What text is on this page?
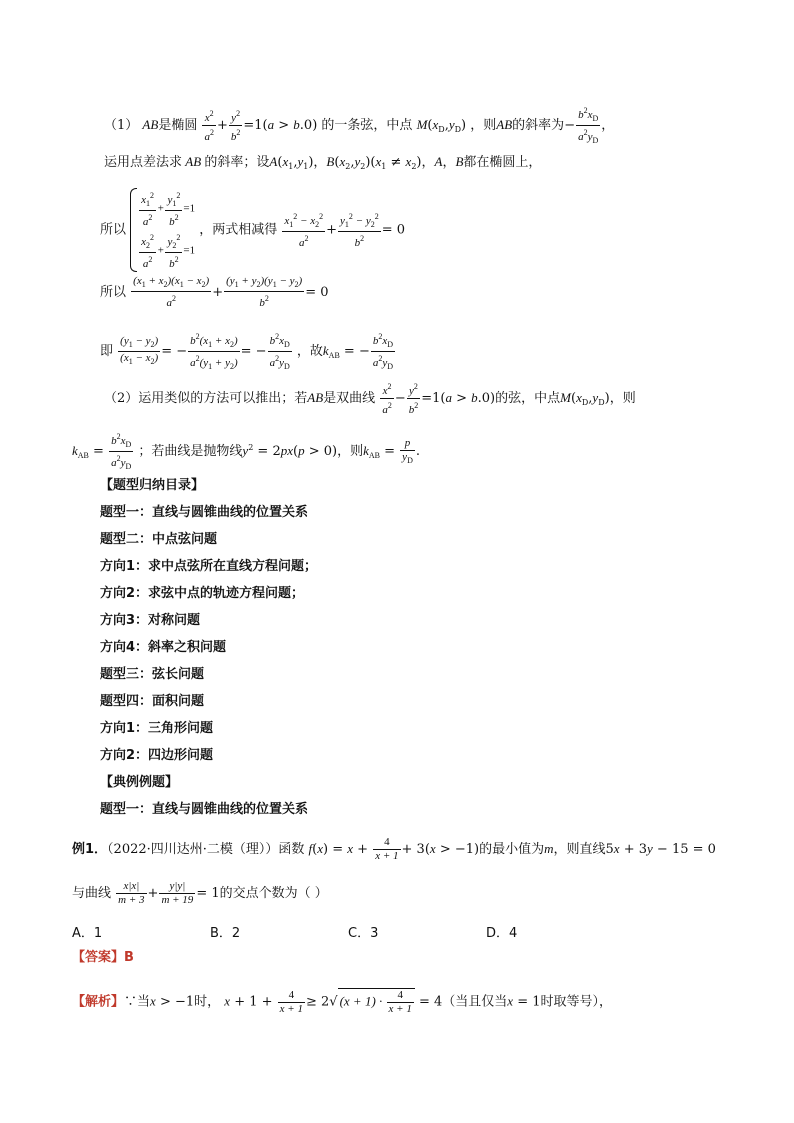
（1） AB是椭圆 $\frac{x^2}{a^2} + \frac{y^2}{b^2} =1(a > b.0)$ 的一条弦，中点 $M(x_D,y_D)$ ，则AB的斜率为− $\frac{b^2x_D}{a^2y_D}$ ，
运用点差法求 AB 的斜率；设$A(x_1,y_1)$，$B(x_2,y_2)(x_1 \ne x_2)$，A，B都在椭圆上，
所以
$\frac{x_1^2}{a^2} + \frac{y_1^2}{b^2} =1$
$\frac{x_2^2}{a^2} + \frac{y_2^2}{b^2} =1$
，两式相减得 $\frac{x_1^2 - x_2^2}{a^2} + \frac{y_1^2 - y_2^2}{b^2} = 0$
所以 $\frac{(x_1 + x_2)(x_1 - x_2)}{a^2} + \frac{(y_1 + y_2)(y_1 - y_2)}{b^2} = 0$
即 $\frac{(y_1 - y_2)}{(x_1 - x_2)}$ = − $\frac{b^2(x_1 + x_2)}{a^2(y_1 + y_2)}$ = − $\frac{b^2x_D}{a^2y_D}$ ，故$k_{AB}$ = − $\frac{b^2x_D}{a^2y_D}$
（2）运用类似的方法可以推出；若AB是双曲线 $\frac{x^2}{a^2} - \frac{y^2}{b^2} =1(a > b.0)$的弦，中点$M(x_D,y_D)$，则
$k_{AB} = \frac{b^2x_D}{a^2y_D}$ ；若曲线是抛物线$y^2 = 2px(p > 0)$，则$k_{AB} = \frac{p}{y_D}$ .
【题型归纳目录】
题型一：直线与圆锥曲线的位置关系
题型二：中点弦问题
方向1：求中点弦所在直线方程问题；
方向2：求弦中点的轨迹方程问题；
方向3：对称问题
方向4：斜率之积问题
题型三：弦长问题
题型四：面积问题
方向1：三角形问题
方向2：四边形问题
【典例例题】
题型一：直线与圆锥曲线的位置关系
例1．（2022·四川达州·二模（理））函数 $f(x) = x + \frac{4}{x + 1} + 3(x > -1)$的最小值为m，则直线5x + 3y − 15 = 0
与曲线 $\frac{x|x|}{m + 3} + \frac{y|y|}{m + 19} = 1$的交点个数为（ ）
A．1	B．2	C．3	D．4
【答案】B
【解析】∵当x > −1时， $x + 1 + \frac{4}{x + 1} \ge 2√$ $(x + 1) \cdot \frac{4}{x + 1} = 4$（当且仅当x = 1时取等号），
